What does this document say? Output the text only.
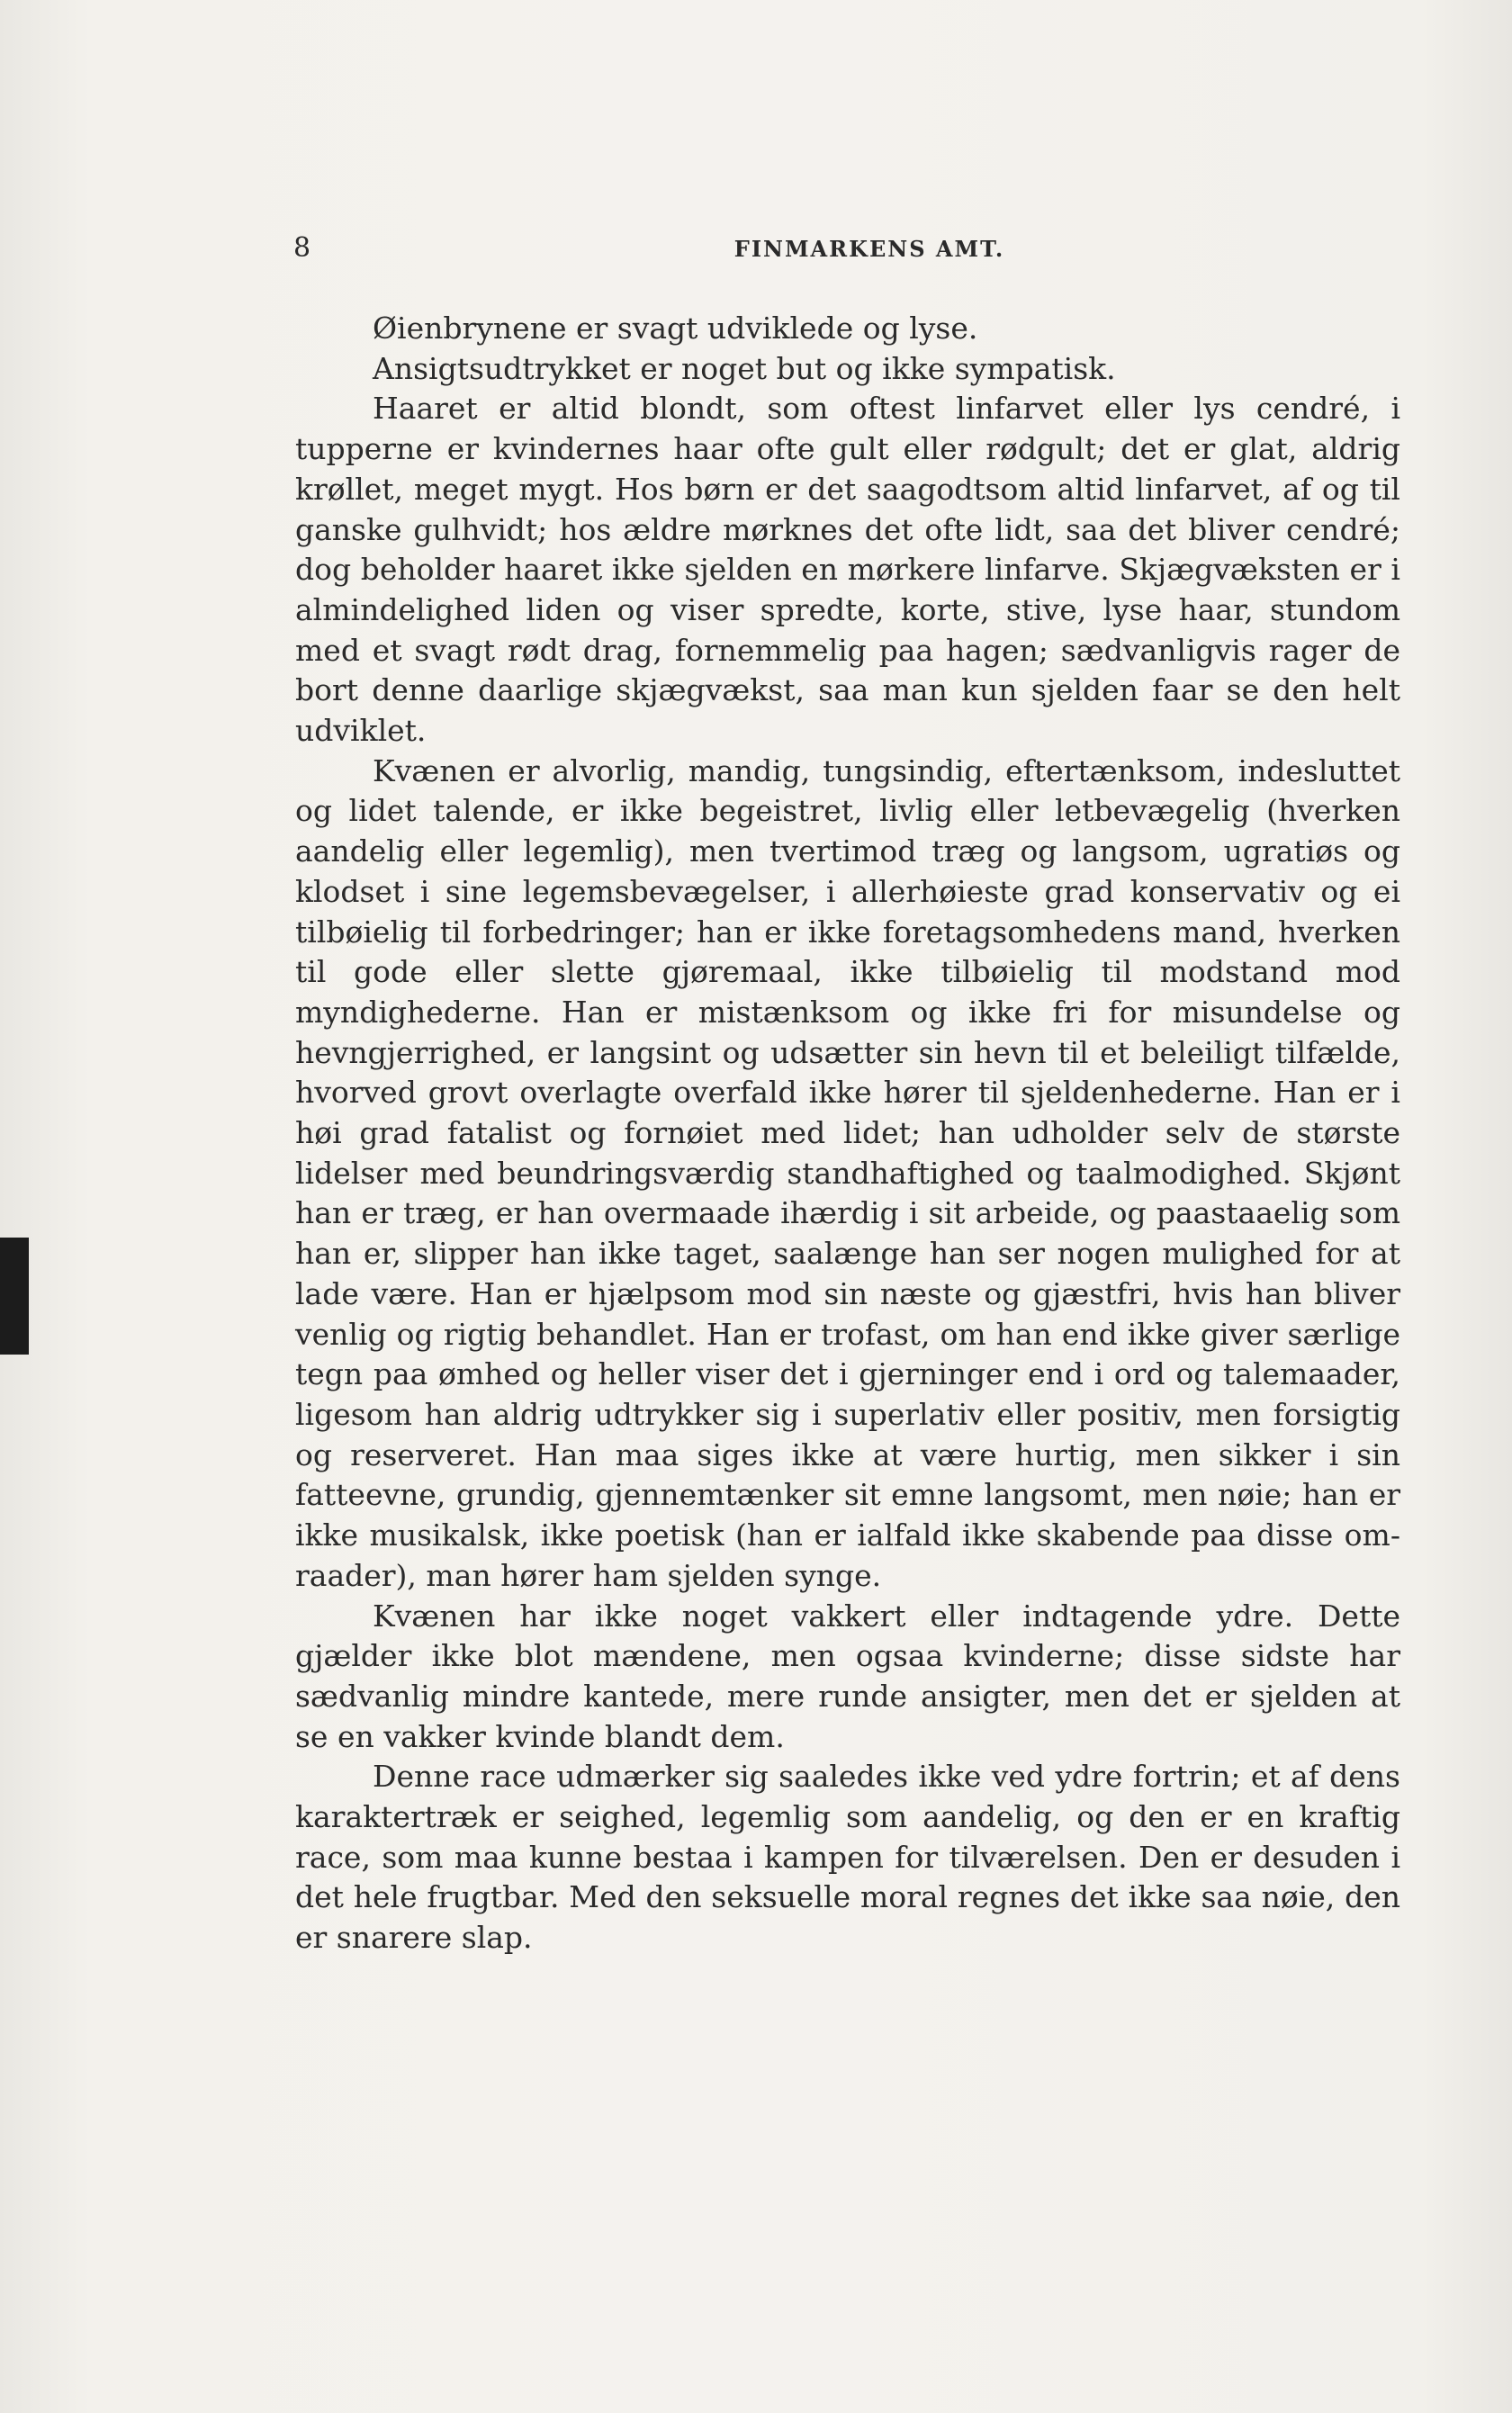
8	FINMARKENS AMT.

Øienbrynene er svagt udviklede og lyse.

Ansigtsudtrykket er noget but og ikke sympatisk.

Haaret er altid blondt, som oftest linfarvet eller lys cendré, i tupperne er kvindernes haar ofte gult eller rødgult; det er glat, aldrig krøllet, meget mygt. Hos børn er det saagodtsom altid linfarvet, af og til ganske gulhvidt; hos ældre mørknes det ofte lidt, saa det bliver cendré; dog beholder haaret ikke sjelden en mørkere linfarve. Skjægvæksten er i almindelighed liden og viser spredte, korte, stive, lyse haar, stundom med et svagt rødt drag, fornemmelig paa hagen; sædvanligvis rager de bort denne daarlige skjægvækst, saa man kun sjelden faar se den helt udviklet.

Kvænen er alvorlig, mandig, tungsindig, eftertænksom, indesluttet og lidet talende, er ikke begeistret, livlig eller letbevægelig (hverken aandelig eller legemlig), men tvertimod træg og langsom, ugratiøs og klodset i sine legemsbevægelser, i allerhøieste grad konservativ og ei tilbøielig til forbedringer; han er ikke foretagsomhedens mand, hverken til gode eller slette gjøremaal, ikke tilbøielig til modstand mod myndighederne. Han er mistænksom og ikke fri for misundelse og hevngjerrighed, er langsint og udsætter sin hevn til et beleiligt tilfælde, hvorved grovt overlagte overfald ikke hører til sjeldenhederne. Han er i høi grad fatalist og fornøiet med lidet; han udholder selv de største lidelser med beundringsværdig standhaftighed og taalmodighed. Skjønt han er træg, er han overmaade ihærdig i sit arbeide, og paastaaelig som han er, slipper han ikke taget, saalænge han ser nogen mulighed for at lade være. Han er hjælpsom mod sin næste og gjæstfri, hvis han bliver venlig og rigtig behandlet. Han er trofast, om han end ikke giver særlige tegn paa ømhed og heller viser det i gjerninger end i ord og talemaader, ligesom han aldrig udtrykker sig i superlativ eller positiv, men forsigtig og reserveret. Han maa siges ikke at være hurtig, men sikker i sin fatteevne, grundig, gjennemtænker sit emne langsomt, men nøie; han er ikke musikalsk, ikke poetisk (han er ialfald ikke skabende paa disse omraader), man hører ham sjelden synge.

Kvænen har ikke noget vakkert eller indtagende ydre. Dette gjælder ikke blot mændene, men ogsaa kvinderne; disse sidste har sædvanlig mindre kantede, mere runde ansigter, men det er sjelden at se en vakker kvinde blandt dem.

Denne race udmærker sig saaledes ikke ved ydre fortrin; et af dens karaktertræk er seighed, legemlig som aandelig, og den er en kraftig race, som maa kunne bestaa i kampen for tilværelsen. Den er desuden i det hele frugtbar. Med den seksuelle moral regnes det ikke saa nøie, den er snarere slap.
